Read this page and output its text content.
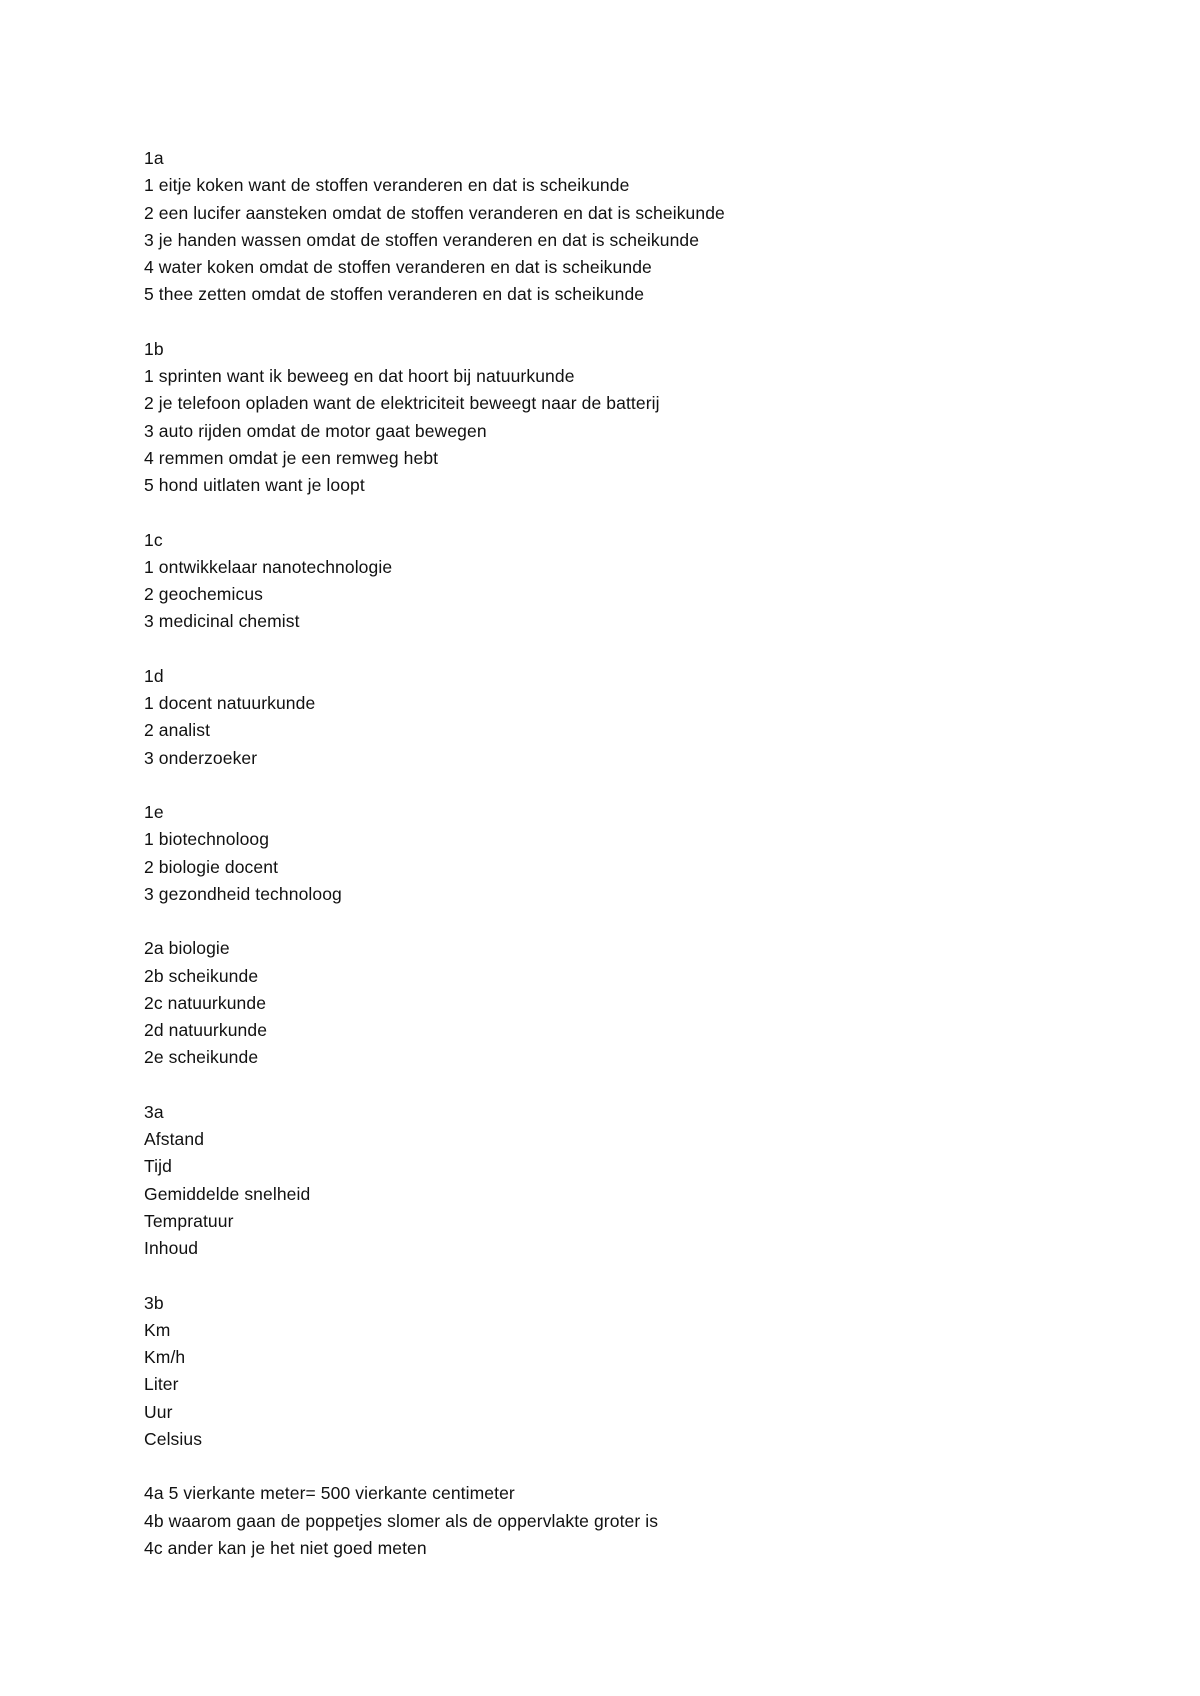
1a
1 eitje koken want de stoffen veranderen en dat is scheikunde
2 een lucifer aansteken omdat de stoffen veranderen en dat is scheikunde
3 je handen wassen omdat de stoffen veranderen en dat is scheikunde
4 water koken omdat de stoffen veranderen en dat is scheikunde
5 thee zetten omdat de stoffen veranderen en dat is scheikunde
1b
1 sprinten want ik beweeg en dat hoort bij natuurkunde
2 je telefoon opladen want de elektriciteit beweegt naar de batterij
3 auto rijden omdat de motor gaat bewegen
4 remmen omdat je een remweg hebt
5 hond uitlaten want je loopt
1c
1 ontwikkelaar nanotechnologie
2 geochemicus
3 medicinal chemist
1d
1 docent natuurkunde
2 analist
3 onderzoeker
1e
1 biotechnoloog
2 biologie docent
3 gezondheid technoloog
2a biologie
2b scheikunde
2c natuurkunde
2d natuurkunde
2e scheikunde
3a
Afstand
Tijd
Gemiddelde snelheid
Tempratuur
Inhoud
3b
Km
Km/h
Liter
Uur
Celsius
4a 5 vierkante meter= 500 vierkante centimeter
4b waarom gaan de poppetjes slomer als de oppervlakte groter is
4c ander kan je het niet goed meten
